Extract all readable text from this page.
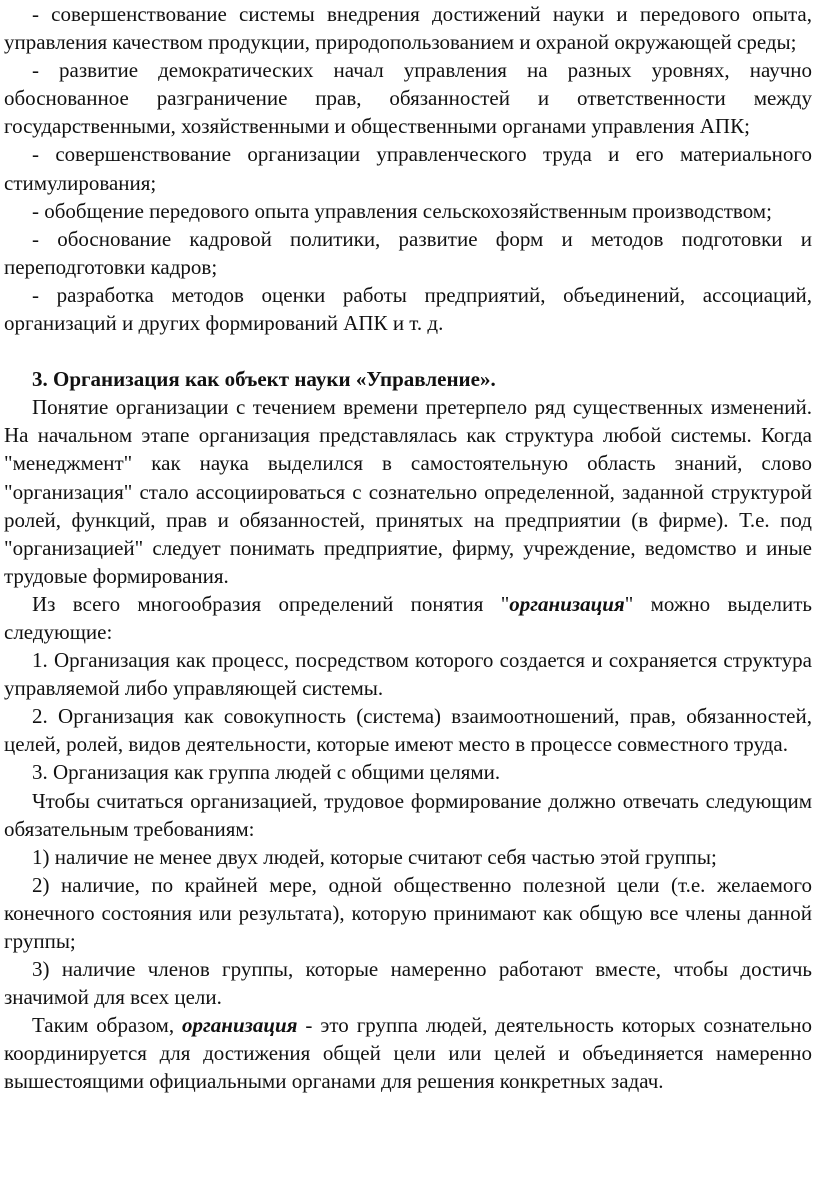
- совершенствование системы внедрения достижений науки и передового опыта, управления качеством продукции, природопользованием и охраной окружающей среды;

- развитие демократических начал управления на разных уровнях, научно обоснованное разграничение прав, обязанностей и ответственности между государственными, хозяйственными и общественными органами управления АПК;

- совершенствование организации управленческого труда и его материального стимулирования;

- обобщение передового опыта управления сельскохозяйственным производством;

- обоснование кадровой политики, развитие форм и методов подготовки и переподготовки кадров;

- разработка методов оценки работы предприятий, объединений, ассоциаций, организаций и других формирований АПК и т. д.

3. Организация как объект науки «Управление».

Понятие организации с течением времени претерпело ряд существенных изменений. На начальном этапе организация представлялась как структура любой системы. Когда "менеджмент" как наука выделился в самостоятельную область знаний, слово "организация" стало ассоциироваться с сознательно определенной, заданной структурой ролей, функций, прав и обязанностей, принятых на предприятии (в фирме). Т.е. под "организацией" следует понимать предприятие, фирму, учреждение, ведомство и иные трудовые формирования.

Из всего многообразия определений понятия "организация" можно выделить следующие:

1. Организация как процесс, посредством которого создается и сохраняется структура управляемой либо управляющей системы.

2. Организация как совокупность (система) взаимоотношений, прав, обязанностей, целей, ролей, видов деятельности, которые имеют место в процессе совместного труда.

3. Организация как группа людей с общими целями.

Чтобы считаться организацией, трудовое формирование должно отвечать следующим обязательным требованиям:

1) наличие не менее двух людей, которые считают себя частью этой группы;

2) наличие, по крайней мере, одной общественно полезной цели (т.е. желаемого конечного состояния или результата), которую принимают как общую все члены данной группы;

3) наличие членов группы, которые намеренно работают вместе, чтобы достичь значимой для всех цели.

Таким образом, организация - это группа людей, деятельность которых сознательно координируется для достижения общей цели или целей и объединяется намеренно вышестоящими официальными органами для решения конкретных задач.
